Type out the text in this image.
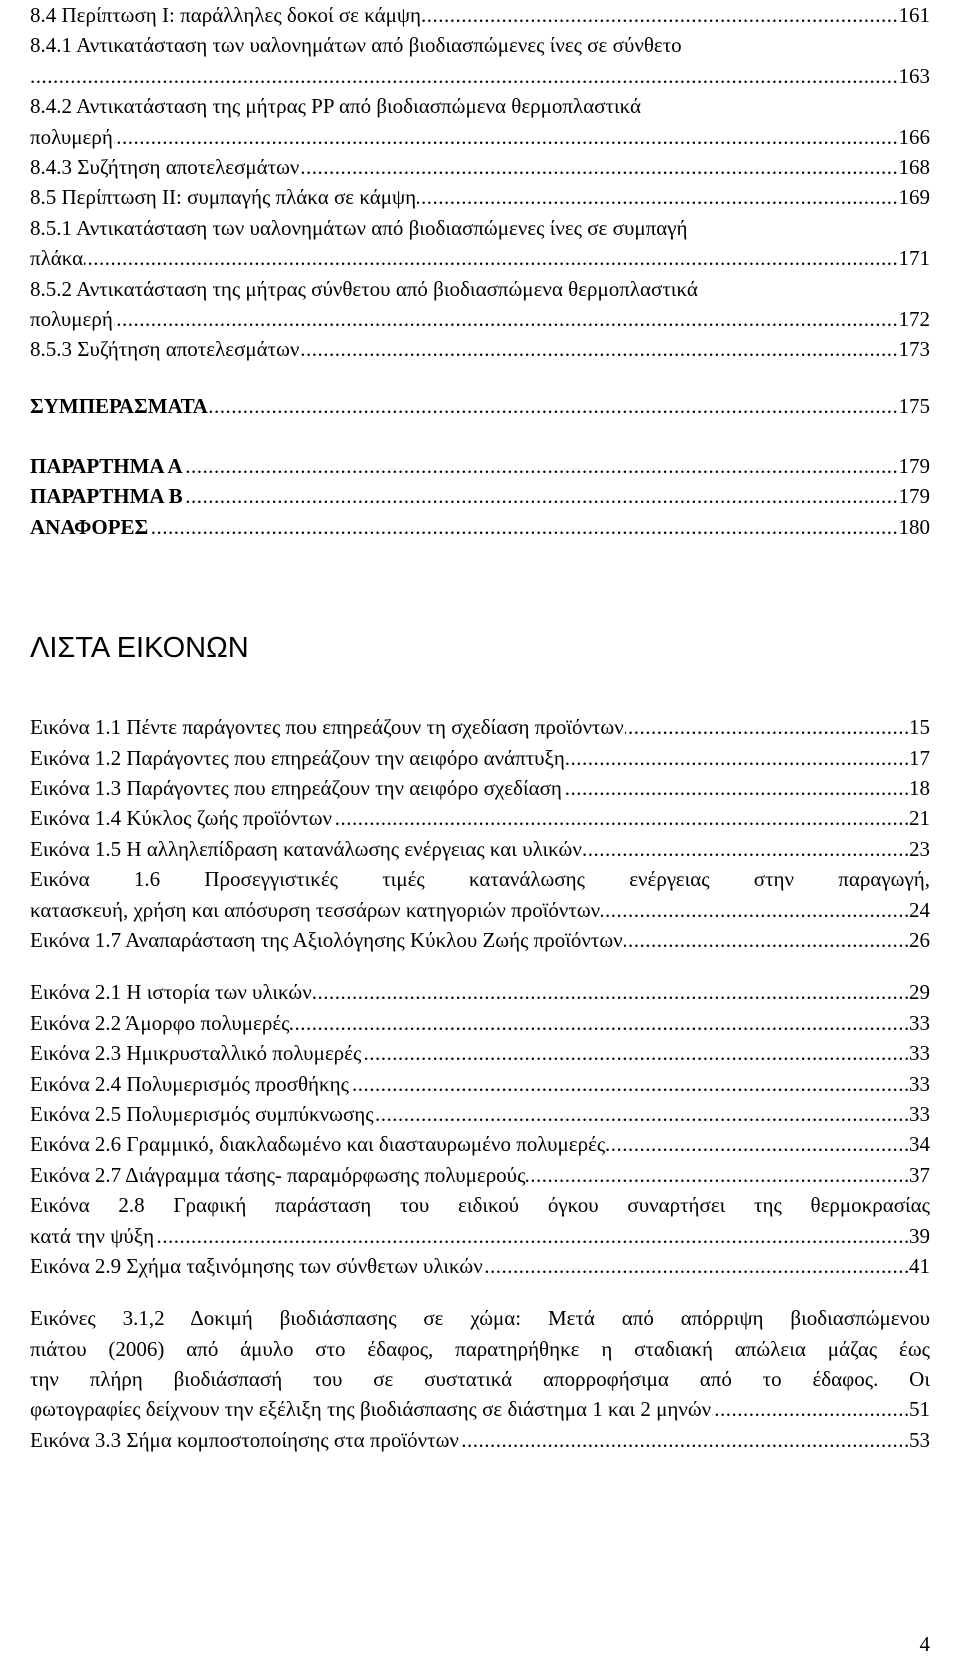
8.4 Περίπτωση I: παράλληλες δοκοί σε κάμψη	161
.....
8.4.1 Αντικατάσταση των υαλονημάτων από βιοδιασπώμενες ίνες σε σύνθετο
163
.....
8.4.2 Αντικατάσταση της μήτρας PP από βιοδιασπώμενα θερμοπλαστικά
πολυμερή	166
.....
8.4.3 Συζήτηση αποτελεσμάτων	168
.....
8.5 Περίπτωση II: συμπαγής πλάκα σε κάμψη	169
.....
8.5.1 Αντικατάσταση των υαλονημάτων από βιοδιασπώμενες ίνες σε συμπαγή
πλάκα	171
.....
8.5.2 Αντικατάσταση της μήτρας σύνθετου από βιοδιασπώμενα θερμοπλαστικά
πολυμερή	172
.....
8.5.3 Συζήτηση αποτελεσμάτων	173
.....
ΣΥΜΠΕΡΑΣΜΑΤΑ	175
.....
ΠΑΡΑΡΤΗΜΑ Α	179
.....
ΠΑΡΑΡΤΗΜΑ Β	179
.....
ΑΝΑΦΟΡΕΣ	180
.....
ΛΙΣΤΑ ΕΙΚΟΝΩΝ
Εικόνα 1.1 Πέντε παράγοντες που επηρεάζουν τη σχεδίαση προϊόντων	15
.....
Εικόνα 1.2 Παράγοντες που επηρεάζουν την αειφόρο ανάπτυξη	17
.....
Εικόνα 1.3 Παράγοντες που επηρεάζουν την αειφόρο σχεδίαση	18
.....
Εικόνα 1.4 Κύκλος ζωής προϊόντων	21
.....
Εικόνα 1.5 Η αλληλεπίδραση κατανάλωσης ενέργειας και υλικών	23
.....
Εικόνα 1.6 Προσεγγιστικές τιμές κατανάλωσης ενέργειας στην παραγωγή,
κατασκευή, χρήση και απόσυρση τεσσάρων κατηγοριών προϊόντων	24
.....
Εικόνα 1.7 Αναπαράσταση της Αξιολόγησης Κύκλου Ζωής προϊόντων	26
.....
Εικόνα 2.1 Η ιστορία των υλικών	29
.....
Εικόνα 2.2 Άμορφο πολυμερές	33
.....
Εικόνα 2.3 Ημικρυσταλλικό πολυμερές	33
.....
Εικόνα 2.4 Πολυμερισμός προσθήκης	33
.....
Εικόνα 2.5 Πολυμερισμός συμπύκνωσης	33
.....
Εικόνα 2.6 Γραμμικό, διακλαδωμένο και διασταυρωμένο πολυμερές	34
.....
Εικόνα 2.7 Διάγραμμα τάσης- παραμόρφωσης πολυμερούς	37
.....
Εικόνα 2.8 Γραφική παράσταση του ειδικού όγκου συναρτήσει της θερμοκρασίας
κατά την ψύξη	39
.....
Εικόνα 2.9 Σχήμα ταξινόμησης των σύνθετων υλικών	41
.....
Εικόνες 3.1,2 Δοκιμή βιοδιάσπασης σε χώμα: Μετά από απόρριψη βιοδιασπώμενου
πιάτου (2006) από άμυλο στο έδαφος, παρατηρήθηκε η σταδιακή απώλεια μάζας έως
την πλήρη βιοδιάσπασή του σε συστατικά απορροφήσιμα από το έδαφος. Οι
φωτογραφίες δείχνουν την εξέλιξη της βιοδιάσπασης σε διάστημα 1 και 2 μηνών	51
.....
Εικόνα 3.3 Σήμα κομποστοποίησης στα προϊόντων	53
.....
4
